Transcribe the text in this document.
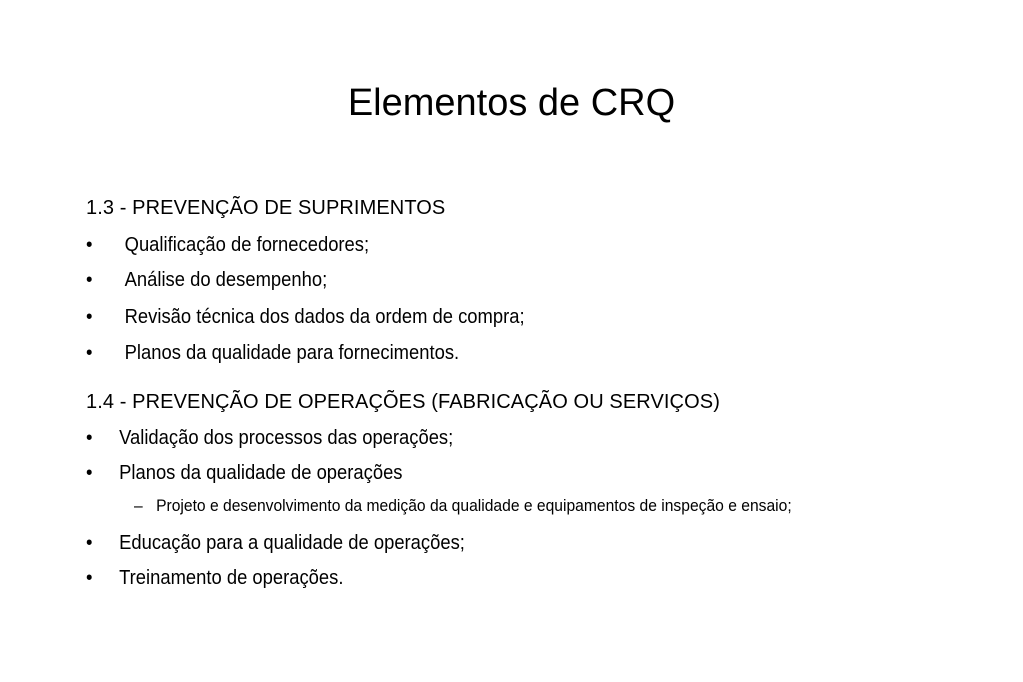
Elementos de CRQ
1.3 - PREVENÇÃO DE SUPRIMENTOS
• Qualificação de fornecedores;
• Análise do desempenho;
• Revisão técnica dos dados da ordem de compra;
• Planos da qualidade para fornecimentos.
1.4 - PREVENÇÃO DE OPERAÇÕES (FABRICAÇÃO OU SERVIÇOS)
• Validação dos processos das operações;
• Planos da qualidade de operações
– Projeto e desenvolvimento da medição da qualidade e equipamentos de inspeção e ensaio;
• Educação para a qualidade de operações;
• Treinamento de operações.
